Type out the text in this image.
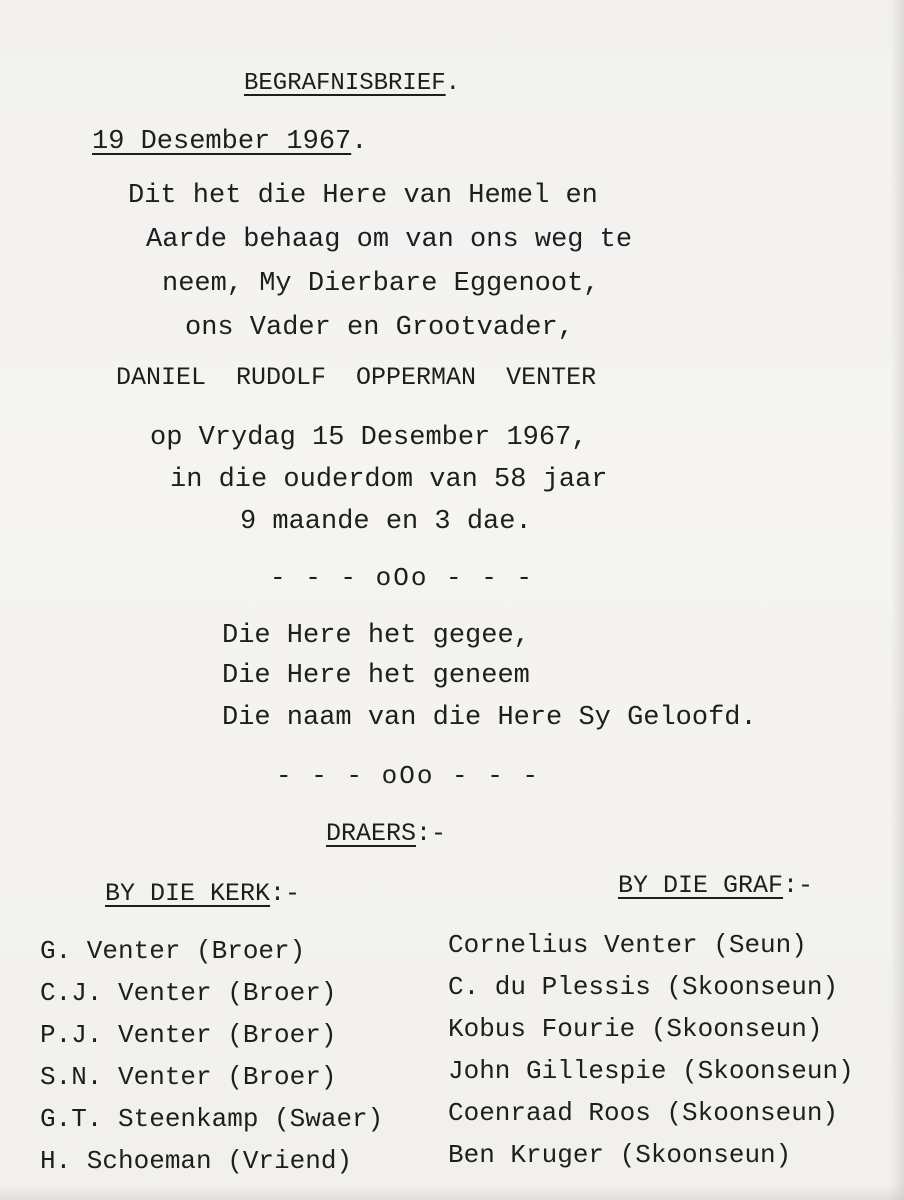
BEGRAFNISBRIEF.
19 Desember 1967.
Dit het die Here van Hemel en
Aarde behaag om van ons weg te
neem, My Dierbare Eggenoot,
ons Vader en Grootvader,
DANIEL  RUDOLF  OPPERMAN  VENTER
op Vrydag 15 Desember 1967,
in die ouderdom van 58 jaar
9 maande en 3 dae.
- - - oOo - - -
Die Here het gegee,
Die Here het geneem
Die naam van die Here Sy Geloofd.
- - - oOo - - -
DRAERS:-
BY DIE KERK:-	BY DIE GRAF:-
G. Venter (Broer)
C.J. Venter (Broer)
P.J. Venter (Broer)
S.N. Venter (Broer)
G.T. Steenkamp (Swaer)
H. Schoeman (Vriend)
Cornelius Venter (Seun)
C. du Plessis (Skoonseun)
Kobus Fourie (Skoonseun)
John Gillespie (Skoonseun)
Coenraad Roos (Skoonseun)
Ben Kruger (Skoonseun)
